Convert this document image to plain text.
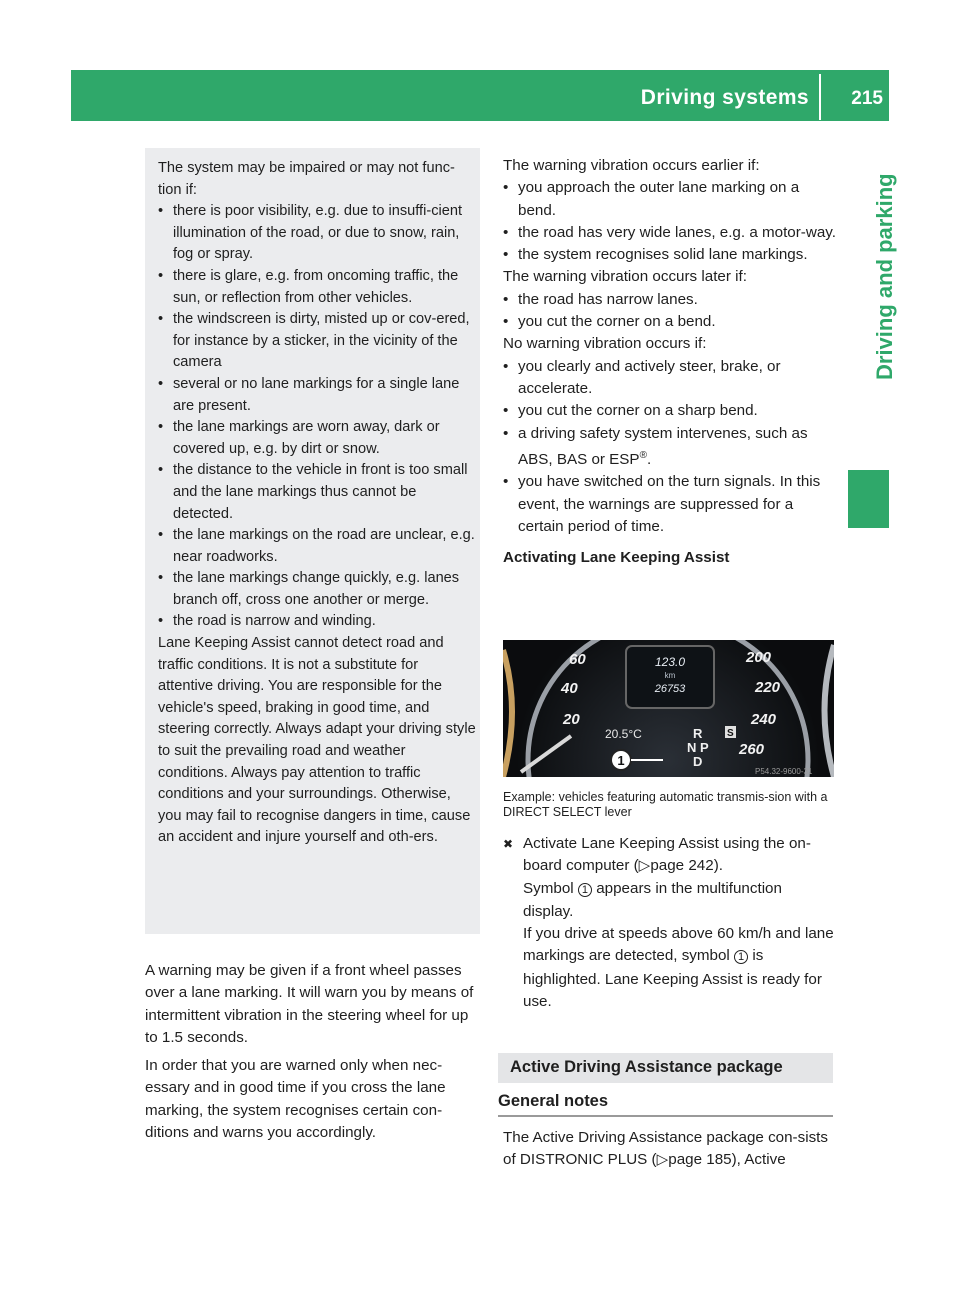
Driving systems 215
Driving and parking

The system may be impaired or may not func-tion if:

• there is poor visibility, e.g. due to insuffi-cient illumination of the road, or due to snow, rain, fog or spray.

• there is glare, e.g. from oncoming traffic, the sun, or reflection from other vehicles.

• the windscreen is dirty, misted up or cov-ered, for instance by a sticker, in the vicinity of the camera

• several or no lane markings for a single lane are present.

• the lane markings are worn away, dark or covered up, e.g. by dirt or snow.

• the distance to the vehicle in front is too small and the lane markings thus cannot be detected.

• the lane markings on the road are unclear, e.g. near roadworks.

• the lane markings change quickly, e.g. lanes branch off, cross one another or merge.

• the road is narrow and winding.

Lane Keeping Assist cannot detect road and traffic conditions. It is not a substitute for attentive driving. You are responsible for the vehicle's speed, braking in good time, and steering correctly. Always adapt your driving style to suit the prevailing road and weather conditions. Always pay attention to traffic conditions and your surroundings. Otherwise, you may fail to recognise dangers in time, cause an accident and injure yourself and oth-ers.

A warning may be given if a front wheel passes over a lane marking. It will warn you by means of intermittent vibration in the steering wheel for up to 1.5 seconds.

In order that you are warned only when nec-essary and in good time if you cross the lane marking, the system recognises certain con-ditions and warns you accordingly.

The warning vibration occurs earlier if:

• you approach the outer lane marking on a bend.

• the road has very wide lanes, e.g. a motor-way.

• the system recognises solid lane markings.

The warning vibration occurs later if:

• the road has narrow lanes.

• you cut the corner on a bend.

No warning vibration occurs if:

• you clearly and actively steer, brake, or accelerate.

• you cut the corner on a sharp bend.

• a driving safety system intervenes, such as ABS, BAS or ESP®.

• you have switched on the turn signals. In this event, the warnings are suppressed for a certain period of time.

Activating Lane Keeping Assist

123.0
km
26753
60
40
20
200
220
240
260
20.5°C	R
N P
D
S
1
P54.32-9600-31
Example: vehicles featuring automatic transmis-sion with a DIRECT SELECT lever

✖ Activate Lane Keeping Assist using the on-board computer (▷page 242).

Symbol 1 appears in the multifunction display.

If you drive at speeds above 60 km/h and lane markings are detected, symbol 1 is highlighted. Lane Keeping Assist is ready for use.

Active Driving Assistance package
General notes

The Active Driving Assistance package con-sists of DISTRONIC PLUS (▷page 185), Active
